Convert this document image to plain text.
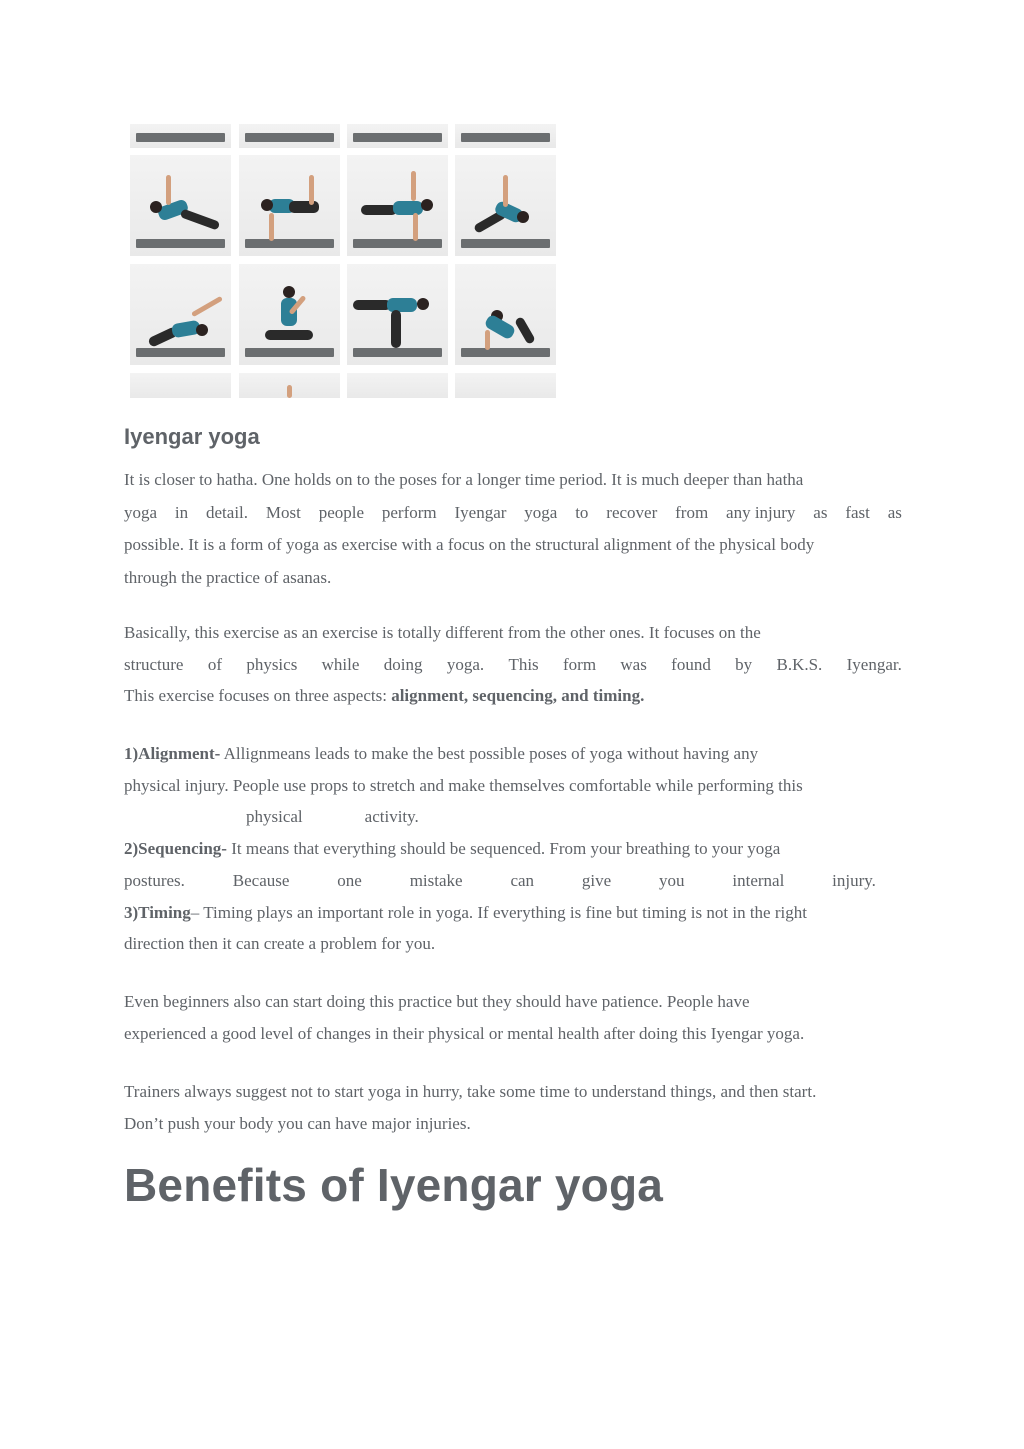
Iyengar yoga
It is closer to hatha. One holds on to the poses for a longer time period. It is much deeper than hatha
yoga in detail. Most people perform Iyengar yoga to recover from any injury as fast as
possible. It is a form of yoga as exercise with a focus on the structural alignment of the physical body
through the practice of asanas.
Basically, this exercise as an exercise is totally different from the other ones. It focuses on the
structure of physics while doing yoga. This form was found by B.K.S. Iyengar.
This exercise focuses on three aspects: alignment, sequencing, and timing.
1)Alignment- Allignmeans leads to make the best possible poses of yoga without having any
physical injury. People use props to stretch and make themselves comfortable while performing this
physical	activity.
2)Sequencing- It means that everything should be sequenced. From your breathing to your yoga
postures.	Because	one	mistake	can	give	you	internal	injury.
3)Timing– Timing plays an important role in yoga. If everything is fine but timing is not in the right
direction then it can create a problem for you.
Even beginners also can start doing this practice but they should have patience. People have
experienced a good level of changes in their physical or mental health after doing this Iyengar yoga.
Trainers always suggest not to start yoga in hurry, take some time to understand things, and then start.
Don’t push your body you can have major injuries.
Benefits of Iyengar yoga
